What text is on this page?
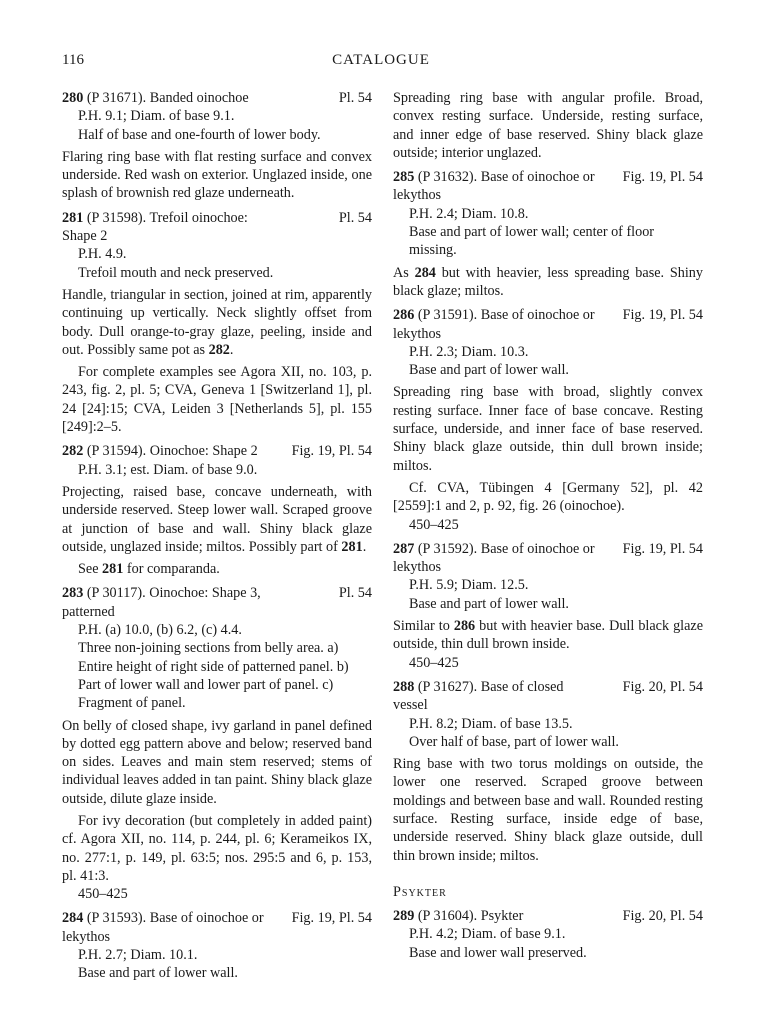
116	CATALOGUE
280 (P 31671). Banded oinochoe	Pl. 54
P.H. 9.1; Diam. of base 9.1.
Half of base and one-fourth of lower body.

Flaring ring base with flat resting surface and convex underside. Red wash on exterior. Unglazed inside, one splash of brownish red glaze underneath.

281 (P 31598). Trefoil oinochoe: Shape 2
Pl. 54
P.H. 4.9.
Trefoil mouth and neck preserved.

Handle, triangular in section, joined at rim, apparently continuing up vertically. Neck slightly offset from body. Dull orange-to-gray glaze, peeling, inside and out. Possibly same pot as 282.

For complete examples see Agora XII, no. 103, p. 243, fig. 2, pl. 5; CVA, Geneva 1 [Switzerland 1], pl. 24 [24]:15; CVA, Leiden 3 [Netherlands 5], pl. 155 [249]:2–5.

282 (P 31594). Oinochoe: Shape 2 Fig. 19, Pl. 54
P.H. 3.1; est. Diam. of base 9.0.

Projecting, raised base, concave underneath, with underside reserved. Steep lower wall. Scraped groove at junction of base and wall. Shiny black glaze outside, unglazed inside; miltos. Possibly part of 281.

See 281 for comparanda.

283 (P 30117). Oinochoe: Shape 3, patterned
Pl. 54
P.H. (a) 10.0, (b) 6.2, (c) 4.4.
Three non-joining sections from belly area. a) Entire height of right side of patterned panel. b) Part of lower wall and lower part of panel. c) Fragment of panel.

On belly of closed shape, ivy garland in panel defined by dotted egg pattern above and below; reserved band on sides. Leaves and main stem reserved; stems of individual leaves added in tan paint. Shiny black glaze outside, dilute glaze inside.

For ivy decoration (but completely in added paint) cf. Agora XII, no. 114, p. 244, pl. 6; Kerameikos IX, no. 277:1, p. 149, pl. 63:5; nos. 295:5 and 6, p. 153, pl. 41:3.

450–425
284 (P 31593). Base of oinochoe or lekythos
Fig. 19, Pl. 54
P.H. 2.7; Diam. 10.1.
Base and part of lower wall.

Spreading ring base with angular profile. Broad, convex resting surface. Underside, resting surface, and inner edge of base reserved. Shiny black glaze outside; interior unglazed.

285 (P 31632). Base of oinochoe or lekythos
Fig. 19, Pl. 54
P.H. 2.4; Diam. 10.8.
Base and part of lower wall; center of floor missing.

As 284 but with heavier, less spreading base. Shiny black glaze; miltos.

286 (P 31591). Base of oinochoe or lekythos
Fig. 19, Pl. 54
P.H. 2.3; Diam. 10.3.
Base and part of lower wall.

Spreading ring base with broad, slightly convex resting surface. Inner face of base concave. Resting surface, underside, and inner face of base reserved. Shiny black glaze outside, thin dull brown inside; miltos.

Cf. CVA, Tübingen 4 [Germany 52], pl. 42 [2559]:1 and 2, p. 92, fig. 26 (oinochoe).

450–425
287 (P 31592). Base of oinochoe or lekythos
Fig. 19, Pl. 54
P.H. 5.9; Diam. 12.5.
Base and part of lower wall.

Similar to 286 but with heavier base. Dull black glaze outside, thin dull brown inside.

450–425
288 (P 31627). Base of closed vessel
Fig. 20, Pl. 54
P.H. 8.2; Diam. of base 13.5.
Over half of base, part of lower wall.

Ring base with two torus moldings on outside, the lower one reserved. Scraped groove between moldings and between base and wall. Rounded resting surface. Resting surface, inside edge of base, underside reserved. Shiny black glaze outside, dull thin brown inside; miltos.

Psykter
289 (P 31604). Psykter	Fig. 20, Pl. 54
P.H. 4.2; Diam. of base 9.1.
Base and lower wall preserved.
